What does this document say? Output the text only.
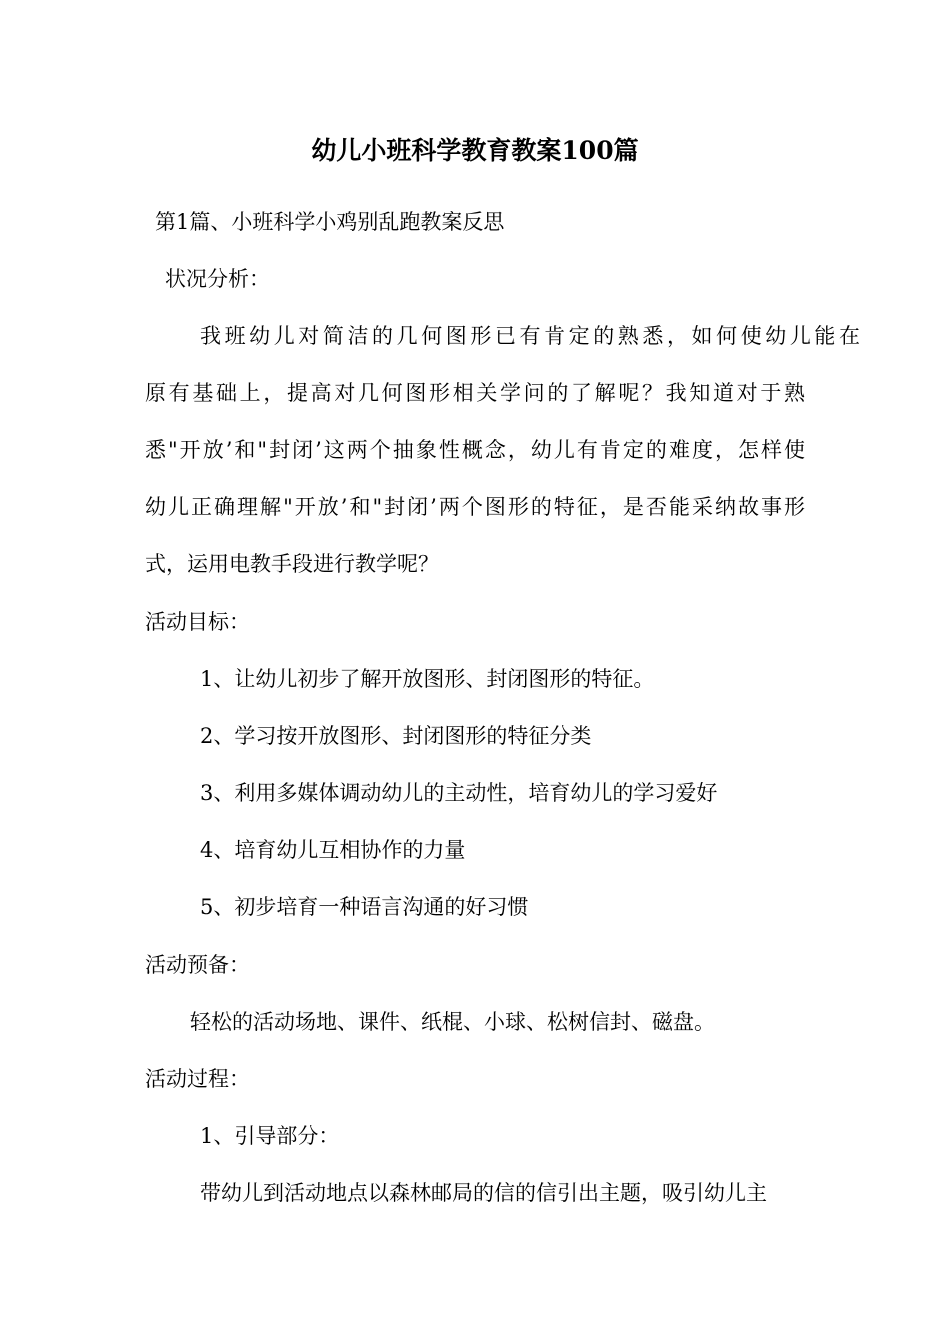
幼儿小班科学教育教案100篇
第1篇、小班科学小鸡别乱跑教案反思
状况分析：
我班幼儿对简洁的几何图形已有肯定的熟悉，如何使幼儿能在
原有基础上，提高对几何图形相关学问的了解呢？我知道对于熟
悉"开放’和"封闭’这两个抽象性概念，幼儿有肯定的难度，怎样使
幼儿正确理解"开放’和"封闭’两个图形的特征，是否能采纳故事形
式，运用电教手段进行教学呢？
活动目标：
1、让幼儿初步了解开放图形、封闭图形的特征。
2、学习按开放图形、封闭图形的特征分类
3、利用多媒体调动幼儿的主动性，培育幼儿的学习爱好
4、培育幼儿互相协作的力量
5、初步培育一种语言沟通的好习惯
活动预备：
轻松的活动场地、课件、纸棍、小球、松树信封、磁盘。
活动过程：
1、引导部分：
带幼儿到活动地点以森林邮局的信的信引出主题，吸引幼儿主
